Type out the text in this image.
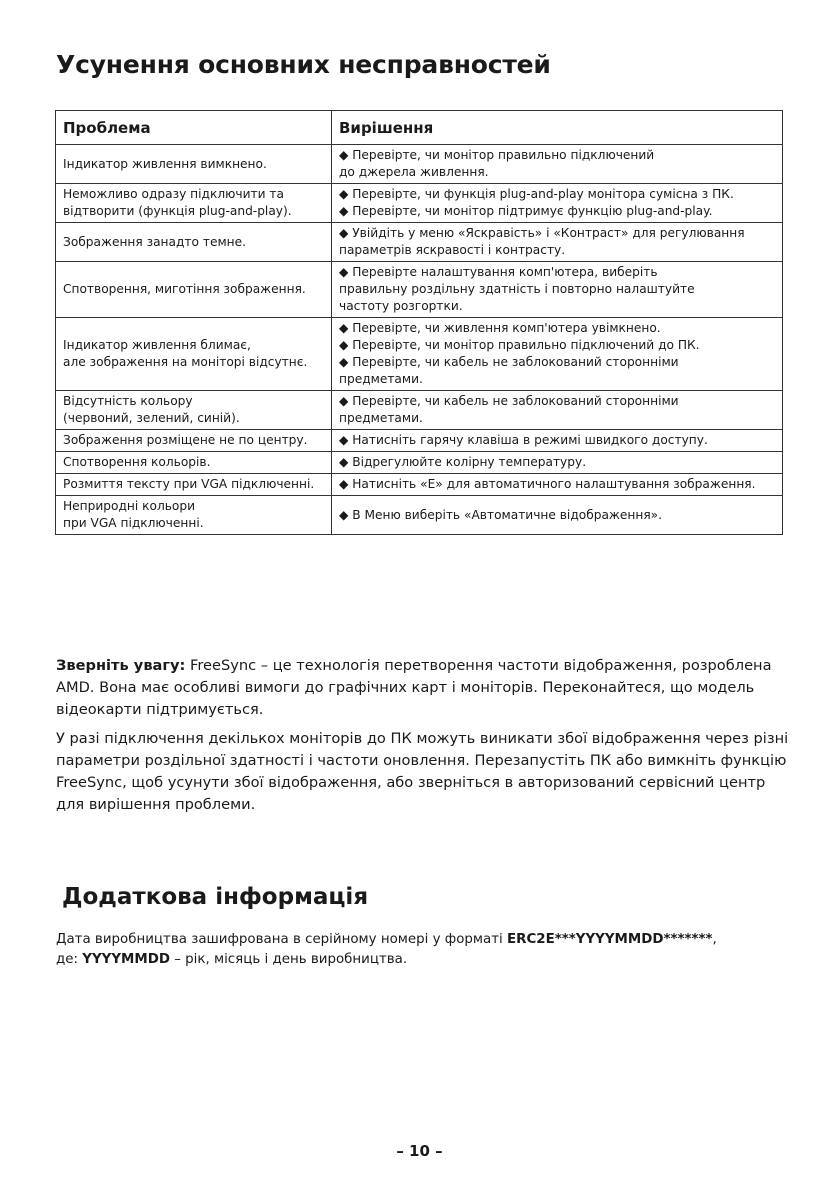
Усунення основних несправностей
Проблема	Вирішення

Індикатор живлення вимкнено.	◆ Перевірте, чи монітор правильно підключений
до джерела живлення.

Неможливо одразу підключити та
відтворити (функція plug-and-play).	◆ Перевірте, чи функція plug-and-play монітора сумісна з ПК.
◆ Перевірте, чи монітор підтримує функцію plug-and-play.

Зображення занадто темне.	◆ Увійдіть у меню «Яскравість» і «Контраст» для регулювання
параметрів яскравості і контрасту.

Спотворення, миготіння зображення.	◆ Перевірте налаштування комп'ютера, виберіть
правильну роздільну здатність і повторно налаштуйте
частоту розгортки.

Індикатор живлення блимає,
але зображення на моніторі відсутнє.	◆ Перевірте, чи живлення комп'ютера увімкнено.
◆ Перевірте, чи монітор правильно підключений до ПК.
◆ Перевірте, чи кабель не заблокований сторонніми
предметами.

Відсутність кольору
(червоний, зелений, синій).	◆ Перевірте, чи кабель не заблокований сторонніми
предметами.

Зображення розміщене не по центру.	◆ Натисніть гарячу клавіша в режимі швидкого доступу.

Спотворення кольорів.	◆ Відрегулюйте колірну температуру.

Розмиття тексту при VGA підключенні.	◆ Натисніть «E» для автоматичного налаштування зображення.

Неприродні кольори
при VGA підключенні.	◆ В Меню виберіть «Автоматичне відображення».

Зверніть увагу: FreeSync – це технологія перетворення частоти відображення, розроблена AMD. Вона має особливі вимоги до графічних карт і моніторів. Переконайтеся, що модель відеокарти підтримується.

У разі підключення декількох моніторів до ПК можуть виникати збої відображення через різні параметри роздільної здатності і частоти оновлення. Перезапустіть ПК або вимкніть функцію FreeSync, щоб усунути збої відображення, або зверніться в авторизований сервісний центр для вирішення проблеми.

Додаткова інформація

Дата виробництва зашифрована в серійному номері у форматі ERC2E***YYYYMMDD*******,
де: YYYYMMDD – рік, місяць і день виробництва.

– 10 –
